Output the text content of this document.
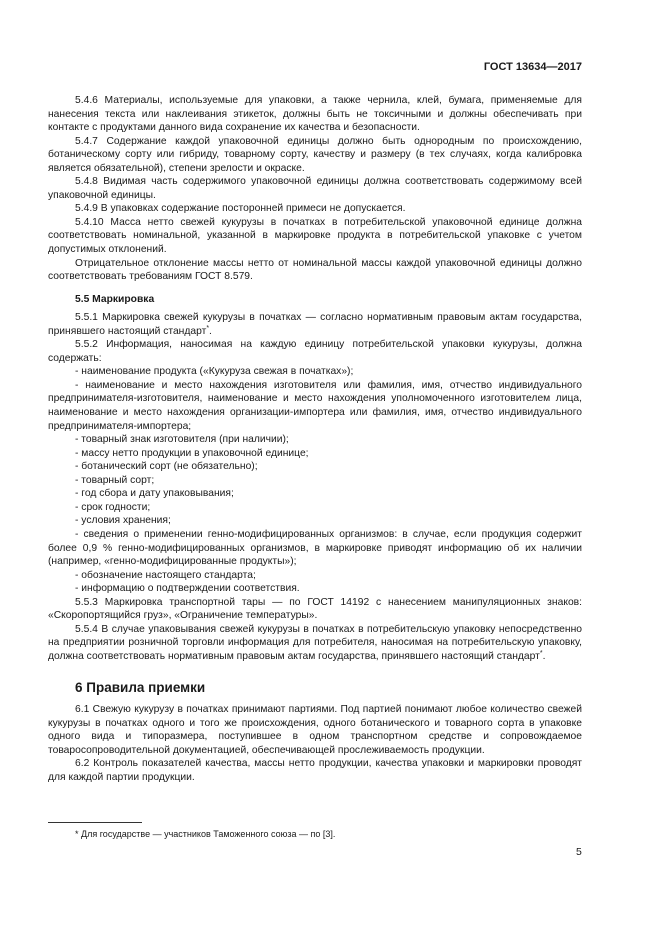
ГОСТ 13634—2017

5.4.6 Материалы, используемые для упаковки, а также чернила, клей, бумага, применяемые для нанесения текста или наклеивания этикеток, должны быть не токсичными и должны обеспечивать при контакте с продуктами данного вида сохранение их качества и безопасности.

5.4.7 Содержание каждой упаковочной единицы должно быть однородным по происхождению, ботаническому сорту или гибриду, товарному сорту, качеству и размеру (в тех случаях, когда калибровка является обязательной), степени зрелости и окраске.

5.4.8 Видимая часть содержимого упаковочной единицы должна соответствовать содержимому всей упаковочной единицы.

5.4.9 В упаковках содержание посторонней примеси не допускается.

5.4.10 Масса нетто свежей кукурузы в початках в потребительской упаковочной единице должна соответствовать номинальной, указанной в маркировке продукта в потребительской упаковке с учетом допустимых отклонений.

Отрицательное отклонение массы нетто от номинальной массы каждой упаковочной единицы должно соответствовать требованиям ГОСТ 8.579.

5.5 Маркировка

5.5.1 Маркировка свежей кукурузы в початках — согласно нормативным правовым актам государства, принявшего настоящий стандарт*.

5.5.2 Информация, наносимая на каждую единицу потребительской упаковки кукурузы, должна содержать:

- наименование продукта («Кукуруза свежая в початках»);

- наименование и место нахождения изготовителя или фамилия, имя, отчество индивидуального предпринимателя-изготовителя, наименование и место нахождения уполномоченного изготовителем лица, наименование и место нахождения организации-импортера или фамилия, имя, отчество индивидуального предпринимателя-импортера;

- товарный знак изготовителя (при наличии);

- массу нетто продукции в упаковочной единице;

- ботанический сорт (не обязательно);

- товарный сорт;

- год сбора и дату упаковывания;

- срок годности;

- условия хранения;

- сведения о применении генно-модифицированных организмов: в случае, если продукция содержит более 0,9 % генно-модифицированных организмов, в маркировке приводят информацию об их наличии (например, «генно-модифицированные продукты»);

- обозначение настоящего стандарта;

- информацию о подтверждении соответствия.

5.5.3 Маркировка транспортной тары — по ГОСТ 14192 с нанесением манипуляционных знаков: «Скоропортящийся груз», «Ограничение температуры».

5.5.4 В случае упаковывания свежей кукурузы в початках в потребительскую упаковку непосредственно на предприятии розничной торговли информация для потребителя, наносимая на потребительскую упаковку, должна соответствовать нормативным правовым актам государства, принявшего настоящий стандарт*.

6 Правила приемки

6.1 Свежую кукурузу в початках принимают партиями. Под партией понимают любое количество свежей кукурузы в початках одного и того же происхождения, одного ботанического и товарного сорта в упаковке одного вида и типоразмера, поступившее в одном транспортном средстве и сопровождаемое товаросопроводительной документацией, обеспечивающей прослеживаемость продукции.

6.2 Контроль показателей качества, массы нетто продукции, качества упаковки и маркировки проводят для каждой партии продукции.

* Для государстве — участников Таможенного союза — по [3].
5
